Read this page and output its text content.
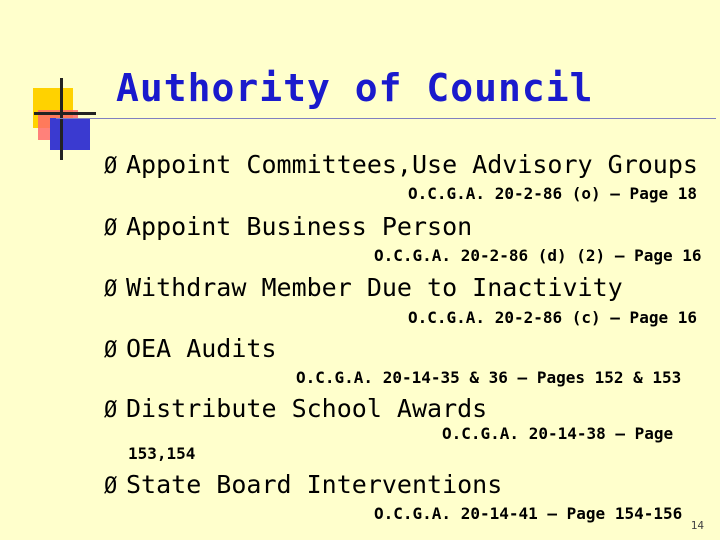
Authority of Council
Ø Appoint Committees,Use Advisory Groups
O.C.G.A. 20-2-86 (o) – Page 18
Ø Appoint Business Person
O.C.G.A. 20-2-86 (d) (2) – Page 16
Ø Withdraw Member Due to Inactivity
O.C.G.A. 20-2-86 (c) – Page 16
Ø OEA Audits
O.C.G.A. 20-14-35 & 36 – Pages 152 & 153
Ø Distribute School Awards
O.C.G.A. 20-14-38 – Page
153,154
Ø State Board Interventions
O.C.G.A. 20-14-41 – Page 154-156
14
